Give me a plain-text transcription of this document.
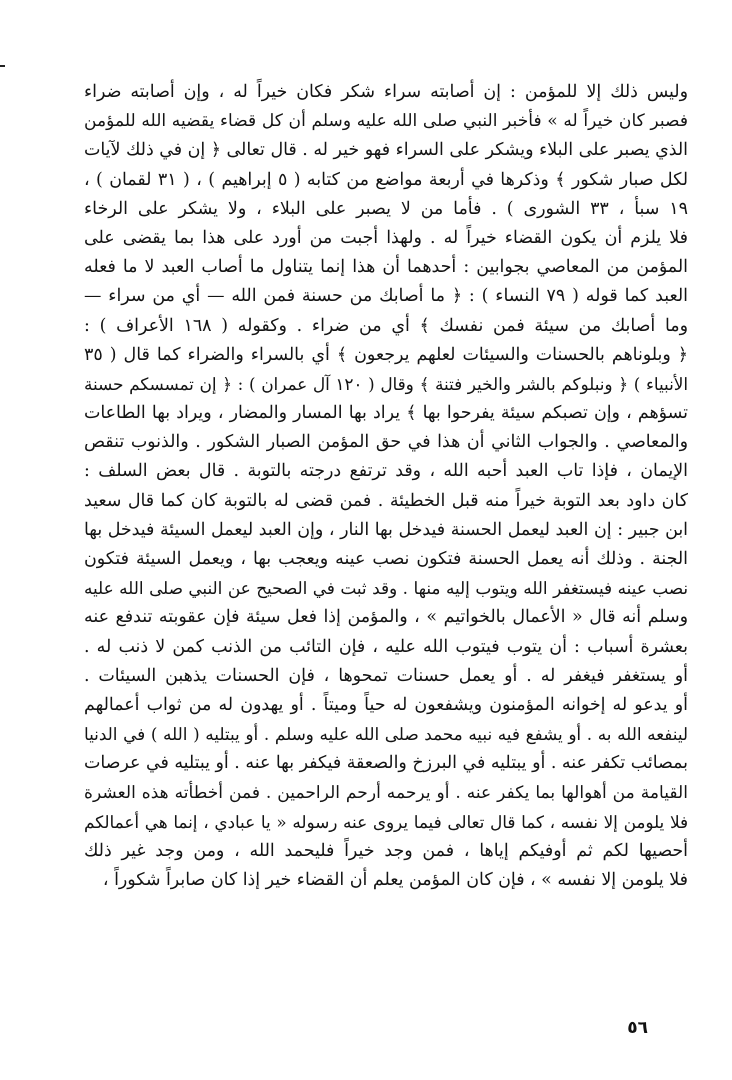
وليس ذلك إلا للمؤمن : إن أصابته سراء شكر فكان خيراً له ، وإن أصابته ضراء
فصبر كان خيراً له » فأخبر النبي صلى الله عليه وسلم أن كل قضاء يقضيه الله للمؤمن
الذي يصبر على البلاء ويشكر على السراء فهو خير له . قال تعالى ﴿ إن في ذلك لآيات
لكل صبار شكور ﴾ وذكرها في أربعة مواضع من كتابه ( ٥ إبراهيم ) ، ( ٣١ لقمان ) ،
١٩ سبأ ، ٣٣ الشورى ) . فأما من لا يصبر على البلاء ، ولا يشكر على الرخاء
فلا يلزم أن يكون القضاء خيراً له . ولهذا أجبت من أورد على هذا بما يقضى على
المؤمن من المعاصي بجوابين : أحدهما أن هذا إنما يتناول ما أصاب العبد لا ما فعله
العبد كما قوله ( ٧٩ النساء ) : ﴿ ما أصابك من حسنة فمن الله — أي من سراء —
وما أصابك من سيئة فمن نفسك ﴾ أي من ضراء . وكقوله ( ١٦٨ الأعراف ) :
﴿ وبلوناهم بالحسنات والسيئات لعلهم يرجعون ﴾ أي بالسراء والضراء كما قال ( ٣٥
الأنبياء ) ﴿ ونبلوكم بالشر والخير فتنة ﴾ وقال ( ١٢٠ آل عمران ) : ﴿ إن تمسسكم حسنة
تسؤهم ، وإن تصبكم سيئة يفرحوا بها ﴾ يراد بها المسار والمضار ، ويراد بها الطاعات
والمعاصي . والجواب الثاني أن هذا في حق المؤمن الصبار الشكور . والذنوب تنقص
الإيمان ، فإذا تاب العبد أحبه الله ، وقد ترتفع درجته بالتوبة . قال بعض السلف :
كان داود بعد التوبة خيراً منه قبل الخطيئة . فمن قضى له بالتوبة كان كما قال سعيد
ابن جبير : إن العبد ليعمل الحسنة فيدخل بها النار ، وإن العبد ليعمل السيئة فيدخل بها
الجنة . وذلك أنه يعمل الحسنة فتكون نصب عينه ويعجب بها ، ويعمل السيئة فتكون
نصب عينه فيستغفر الله ويتوب إليه منها . وقد ثبت في الصحيح عن النبي صلى الله عليه
وسلم أنه قال « الأعمال بالخواتيم » ، والمؤمن إذا فعل سيئة فإن عقوبته تندفع عنه
بعشرة أسباب : أن يتوب فيتوب الله عليه ، فإن التائب من الذنب كمن لا ذنب له .
أو يستغفر فيغفر له . أو يعمل حسنات تمحوها ، فإن الحسنات يذهبن السيئات .
أو يدعو له إخوانه المؤمنون ويشفعون له حياً وميتاً . أو يهدون له من ثواب أعمالهم
لينفعه الله به . أو يشفع فيه نبيه محمد صلى الله عليه وسلم . أو يبتليه ( الله ) في الدنيا
بمصائب تكفر عنه . أو يبتليه في البرزخ والصعقة فيكفر بها عنه . أو يبتليه في عرصات
القيامة من أهوالها بما يكفر عنه . أو يرحمه أرحم الراحمين . فمن أخطأته هذه العشرة
فلا يلومن إلا نفسه ، كما قال تعالى فيما يروى عنه رسوله « يا عبادي ، إنما هي أعمالكم
أحصيها لكم ثم أوفيكم إياها ، فمن وجد خيراً فليحمد الله ، ومن وجد غير ذلك
فلا يلومن إلا نفسه » ، فإن كان المؤمن يعلم أن القضاء خير إذا كان صابراً شكوراً ،
٥٦
